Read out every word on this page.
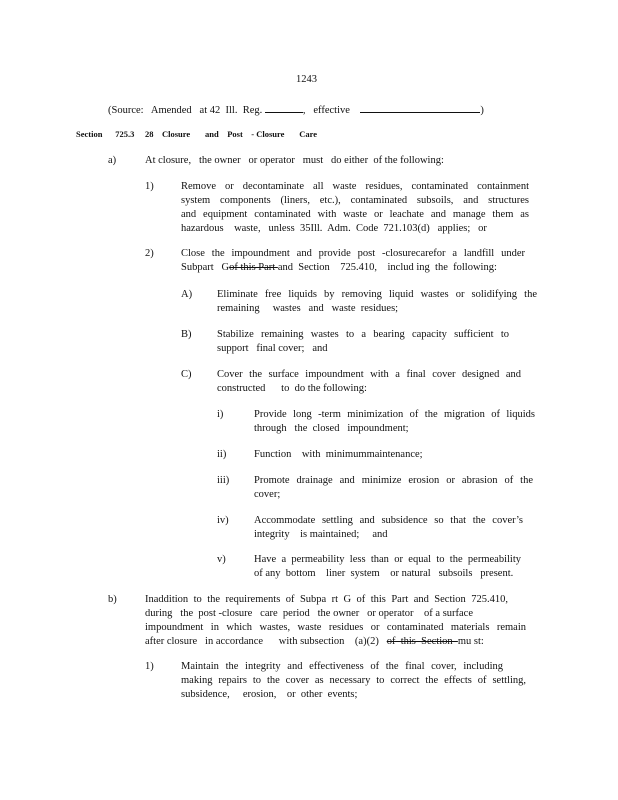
1243
(Source:   Amended   at 42  Ill.  Reg.	, effective	)
Section      725.3     28    Closure       and    Post    - Closure       Care
a)	At closure,   the owner   or operator   must   do either  of the following:
1)	Remove or decontaminate all waste residues, contaminated containment
system components (liners, etc.), contaminated subsoils, and structures
and equipment contaminated with waste or leachate and manage them as
hazardous    waste,   unless  35Ill.  Adm.  Code  721.103(d)   applies;   or
2)	Close the impoundment and provide post -closurecarefor a landfill under
Subpart   Gof this Part and  Section    725.410,    includ ing  the  following:
A) Eliminate free liquids by removing liquid wastes or solidifying the
remaining     wastes   and   waste  residues;
B) Stabilize remaining wastes to a bearing capacity sufficient to
support   final cover;   and
C) Cover the surface impoundment with a final cover designed and
constructed      to  do the following:
i)	Provide long -term minimization of the migration of liquids
through   the  closed   impoundment;
ii)	Function    with  minimummaintenance;
iii) Promote drainage and minimize erosion or abrasion of the
cover;
iv) Accommodate settling and subsidence so that the cover’s
integrity    is maintained;     and
v)	Have a permeability less than or equal to the permeability
of any  bottom    liner  system    or natural   subsoils   present.
b)	Inaddition to the requirements of Subpa rt G of this Part and Section 725.410,
during   the  post -closure   care  period   the owner   or operator    of a surface
impoundment in which wastes, waste residues or contaminated materials remain
after closure   in accordance      with subsection    (a)(2)   of  this  Section  mu st:
1)	Maintain the integrity and effectiveness of the final cover, including
making repairs to the cover as necessary to correct the effects of settling,
subsidence,     erosion,    or  other  events;
